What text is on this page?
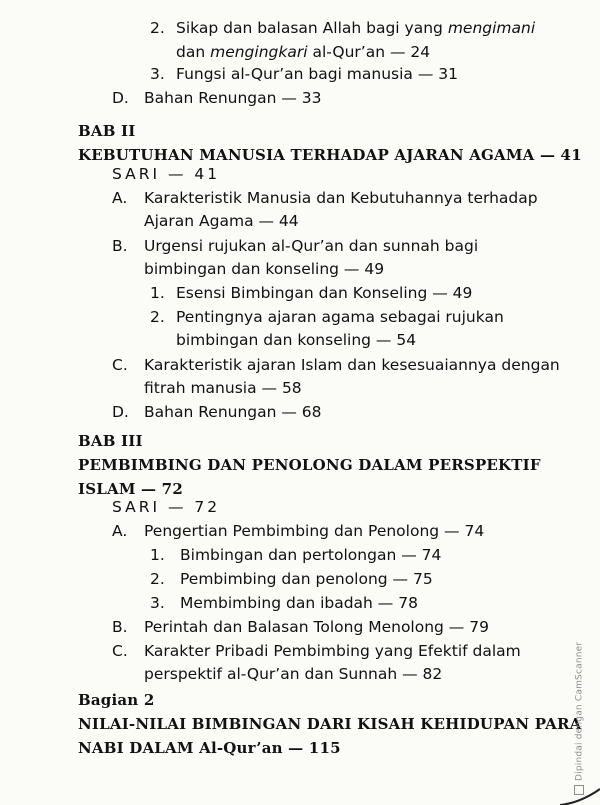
2. Sikap dan balasan Allah bagi yang mengimani
dan mengingkari al-Qur’an — 24
3. Fungsi al-Qur’an bagi manusia — 31
D. Bahan Renungan — 33
BAB II
KEBUTUHAN MANUSIA TERHADAP AJARAN AGAMA — 41
SARI — 41
A. Karakteristik Manusia dan Kebutuhannya terhadap
Ajaran Agama — 44
B. Urgensi rujukan al-Qur’an dan sunnah bagi
bimbingan dan konseling — 49
1. Esensi Bimbingan dan Konseling — 49
2. Pentingnya ajaran agama sebagai rujukan
bimbingan dan konseling — 54
C. Karakteristik ajaran Islam dan kesesuaiannya dengan
fitrah manusia — 58
D. Bahan Renungan — 68
BAB III
PEMBIMBING DAN PENOLONG DALAM PERSPEKTIF
ISLAM — 72
SARI — 72
A. Pengertian Pembimbing dan Penolong — 74
1. Bimbingan dan pertolongan — 74
2. Pembimbing dan penolong — 75
3. Membimbing dan ibadah — 78
B. Perintah dan Balasan Tolong Menolong — 79
C. Karakter Pribadi Pembimbing yang Efektif dalam
perspektif al-Qur’an dan Sunnah — 82
Bagian 2
NILAI-NILAI BIMBINGAN DARI KISAH KEHIDUPAN PARA
NABI DALAM Al-Qur’an — 115	Dipindai dengan CamScanner
